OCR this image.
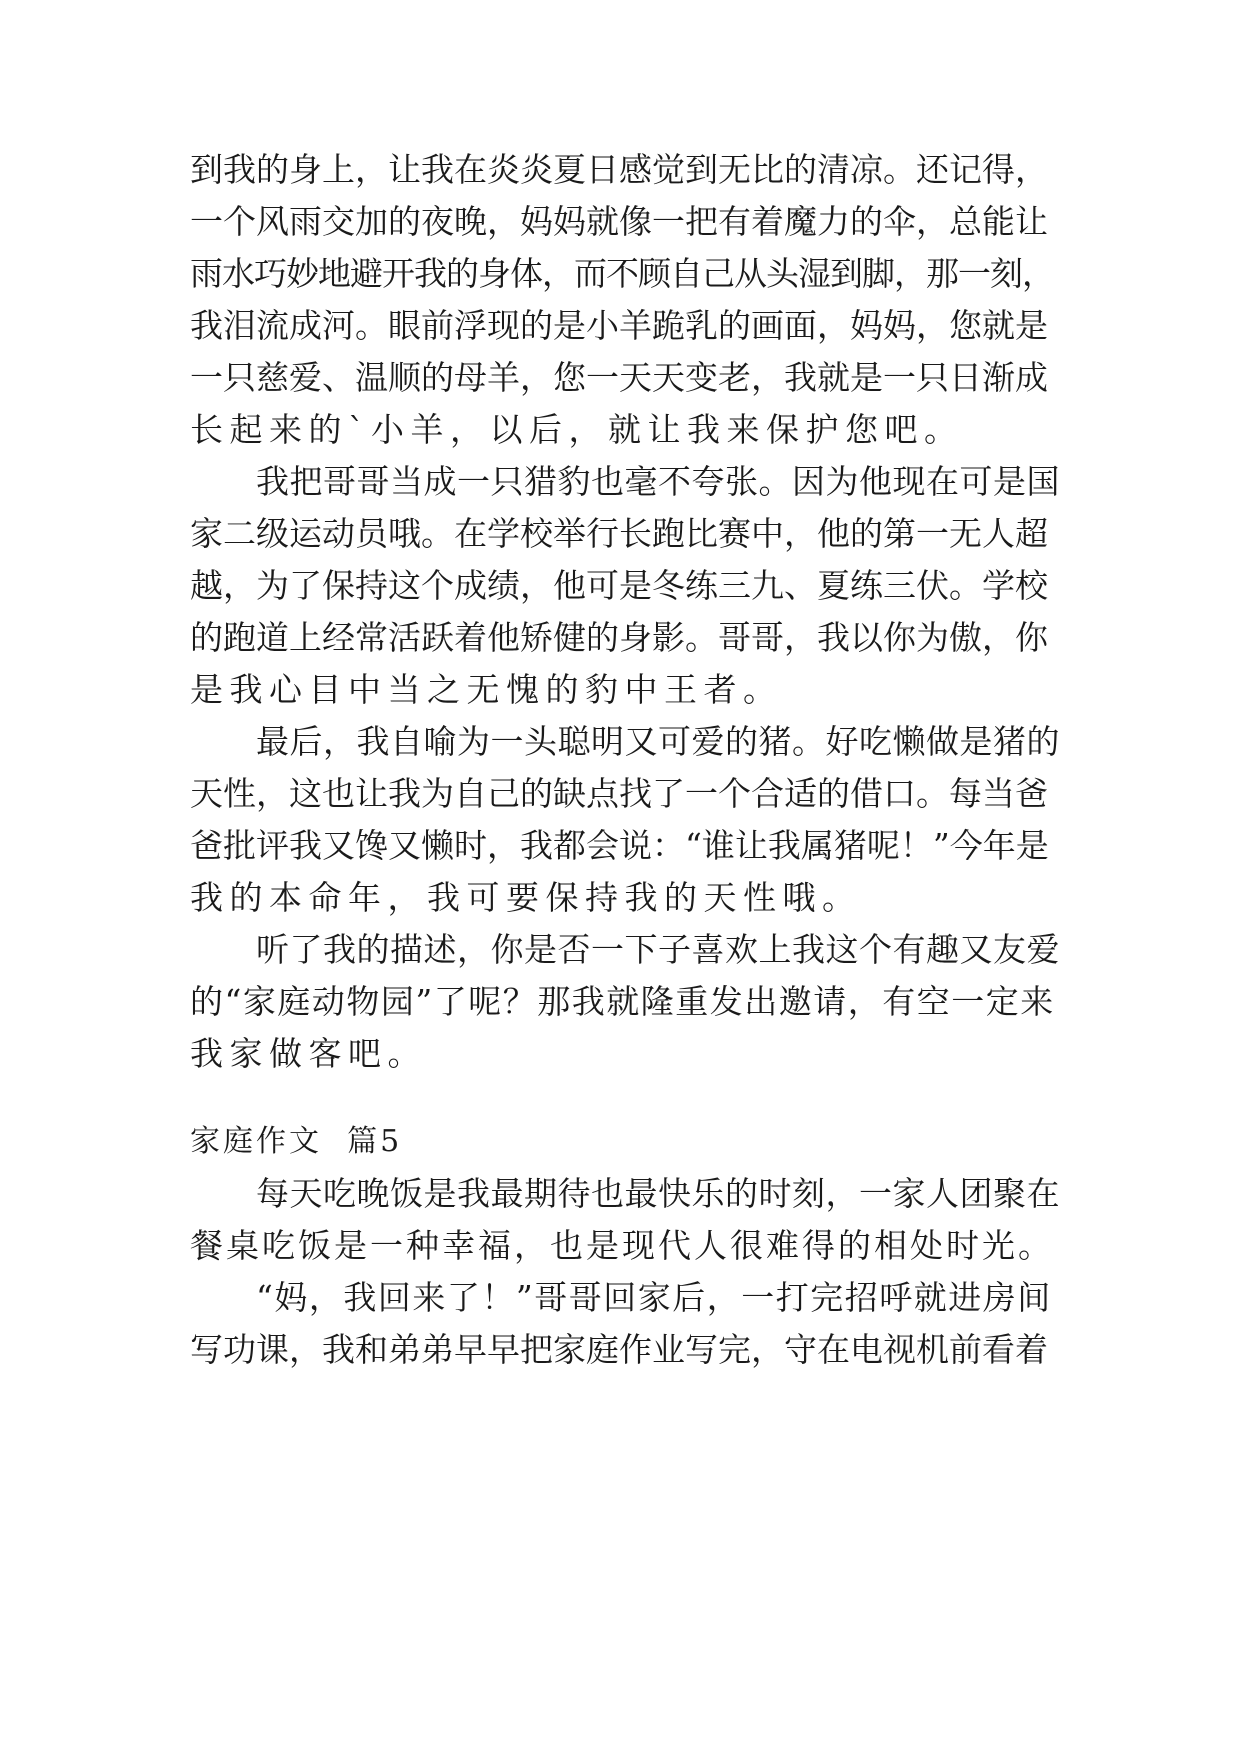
到我的身上，让我在炎炎夏日感觉到无比的清凉。还记得，
一个风雨交加的夜晚，妈妈就像一把有着魔力的伞，总能让
雨水巧妙地避开我的身体，而不顾自己从头湿到脚，那一刻，
我泪流成河。眼前浮现的是小羊跪乳的画面，妈妈，您就是
一只慈爱、温顺的母羊，您一天天变老，我就是一只日渐成
长起来的`小羊，以后，就让我来保护您吧。
我把哥哥当成一只猎豹也毫不夸张。因为他现在可是国
家二级运动员哦。在学校举行长跑比赛中，他的第一无人超
越，为了保持这个成绩，他可是冬练三九、夏练三伏。学校
的跑道上经常活跃着他矫健的身影。哥哥，我以你为傲，你
是我心目中当之无愧的豹中王者。
最后，我自喻为一头聪明又可爱的猪。好吃懒做是猪的
天性，这也让我为自己的缺点找了一个合适的借口。每当爸
爸批评我又馋又懒时，我都会说：“谁让我属猪呢！”今年是
我的本命年，我可要保持我的天性哦。
听了我的描述，你是否一下子喜欢上我这个有趣又友爱
的“家庭动物园”了呢？那我就隆重发出邀请，有空一定来
我家做客吧。
家庭作文  篇5
每天吃晚饭是我最期待也最快乐的时刻，一家人团聚在
餐桌吃饭是一种幸福，也是现代人很难得的相处时光。
“妈，我回来了！”哥哥回家后，一打完招呼就进房间
写功课，我和弟弟早早把家庭作业写完，守在电视机前看着
